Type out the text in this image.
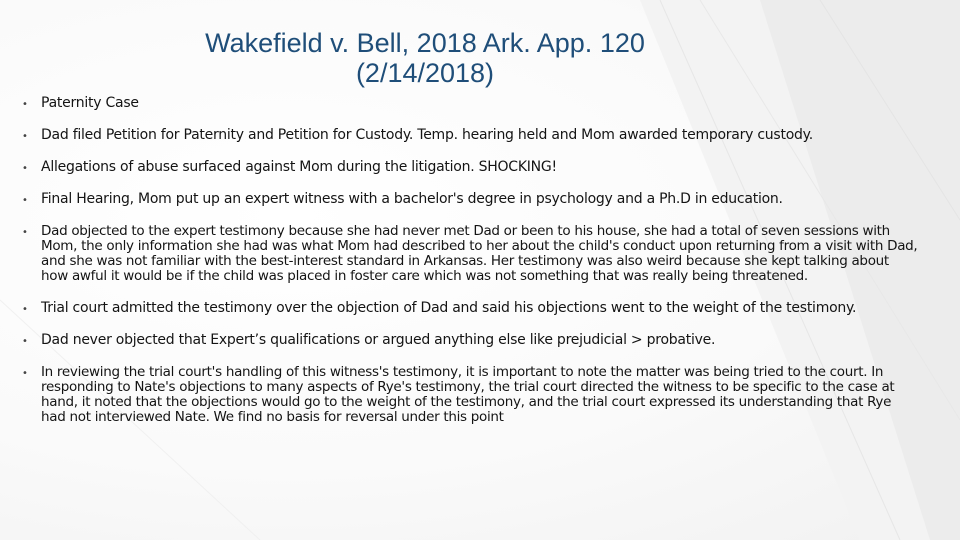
Wakefield v. Bell, 2018 Ark. App. 120
(2/14/2018)
• Paternity Case
• Dad filed Petition for Paternity and Petition for Custody. Temp. hearing held and Mom awarded temporary custody.
• Allegations of abuse surfaced against Mom during the litigation. SHOCKING!
• Final Hearing, Mom put up an expert witness with a bachelor's degree in psychology and a Ph.D in education.
• Dad objected to the expert testimony because she had never met Dad or been to his house, she had a total of seven sessions with Mom, the only information she had was what Mom had described to her about the child's conduct upon returning from a visit with Dad, and she was not familiar with the best-interest standard in Arkansas. Her testimony was also weird because she kept talking about how awful it would be if the child was placed in foster care which was not something that was really being threatened.
• Trial court admitted the testimony over the objection of Dad and said his objections went to the weight of the testimony.
• Dad never objected that Expert’s qualifications or argued anything else like prejudicial > probative.
• In reviewing the trial court's handling of this witness's testimony, it is important to note the matter was being tried to the court. In responding to Nate's objections to many aspects of Rye's testimony, the trial court directed the witness to be specific to the case at hand, it noted that the objections would go to the weight of the testimony, and the trial court expressed its understanding that Rye had not interviewed Nate. We find no basis for reversal under this point
